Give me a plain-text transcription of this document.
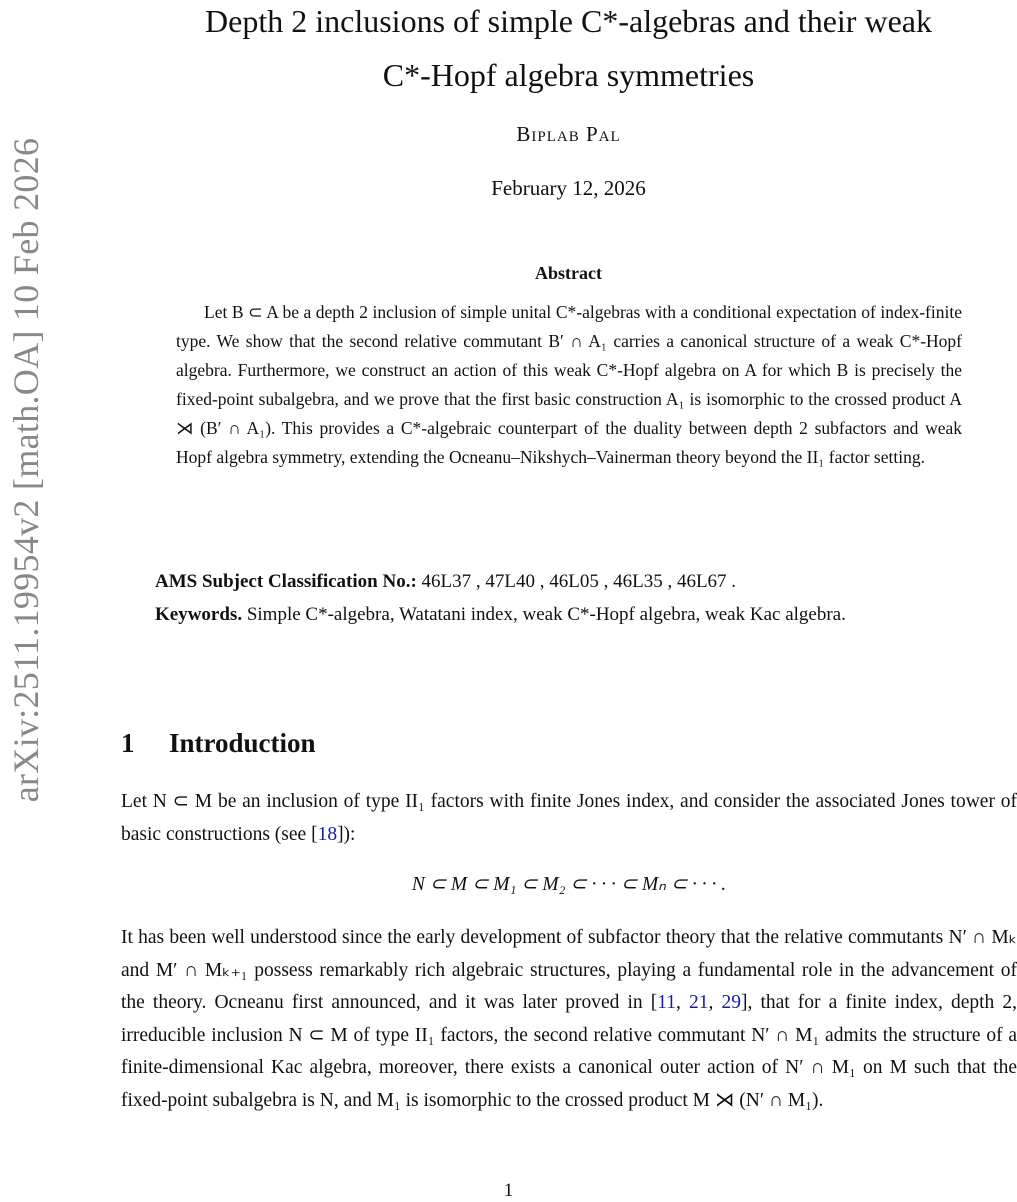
arXiv:2511.19954v2 [math.OA] 10 Feb 2026
Depth 2 inclusions of simple C*-algebras and their weak
C*-Hopf algebra symmetries
Biplab Pal
February 12, 2026
Abstract

Let B ⊂ A be a depth 2 inclusion of simple unital C*-algebras with a conditional expectation of index-finite type. We show that the second relative commutant B′ ∩ A₁ carries a canonical structure of a weak C*-Hopf algebra. Furthermore, we construct an action of this weak C*-Hopf algebra on A for which B is precisely the fixed-point subalgebra, and we prove that the first basic construction A₁ is isomorphic to the crossed product A ⋊ (B′ ∩ A₁). This provides a C*-algebraic counterpart of the duality between depth 2 subfactors and weak Hopf algebra symmetry, extending the Ocneanu–Nikshych–Vainerman theory beyond the II₁ factor setting.

AMS Subject Classification No.: 46L37 , 47L40 , 46L05 , 46L35 , 46L67 .
Keywords. Simple C*-algebra, Watatani index, weak C*-Hopf algebra, weak Kac algebra.
1 Introduction

Let N ⊂ M be an inclusion of type II₁ factors with finite Jones index, and consider the associated Jones tower of basic constructions (see [18]):

N ⊂ M ⊂ M₁ ⊂ M₂ ⊂ · · · ⊂ Mₙ ⊂ · · · .

It has been well understood since the early development of subfactor theory that the relative commutants N′ ∩ Mₖ and M′ ∩ Mₖ₊₁ possess remarkably rich algebraic structures, playing a fundamental role in the advancement of the theory. Ocneanu first announced, and it was later proved in [11, 21, 29], that for a finite index, depth 2, irreducible inclusion N ⊂ M of type II₁ factors, the second relative commutant N′ ∩ M₁ admits the structure of a finite-dimensional Kac algebra, moreover, there exists a canonical outer action of N′ ∩ M₁ on M such that the fixed-point subalgebra is N, and M₁ is isomorphic to the crossed product M ⋊ (N′ ∩ M₁).

1
